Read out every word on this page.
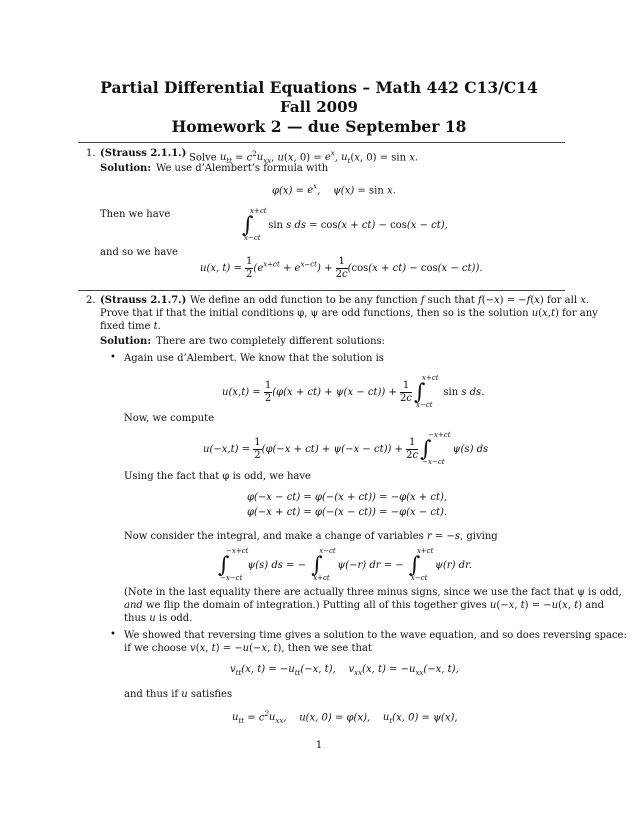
Partial Differential Equations – Math 442 C13/C14
Fall 2009
Homework 2 — due September 18
1. (Strauss 2.1.1.) Solve $u_{tt} = c^2u_{xx}$, u(x, $0) = e^x$, $u_t(x$, 0) = sin x.
Solution: We use d’Alembert’s formula with
$\varphi(x) = e^x$,    ψ(x) = sin x.
Then we have	∫
x+ct
x−ct
sin s ds = cos(x + ct) − cos(x − ct),
and so we have
u(x, $t) = \frac{1}{2} (e^{x+ct} + e^{x-ct}) + \frac{1}{2c} (\cos(x + ct) - \cos(x - ct))$.
2. (Strauss 2.1.7.) We define an odd function to be any function f such that f(−x) = −f(x) for all x.
Prove that if that the initial conditions φ, ψ are odd functions, then so is the solution u(x,t) for any
fixed time t.
Solution: There are two completely different solutions:
• Again use d’Alembert. We know that the solution is
$u(x,t) = \frac{1}{2} (\varphi(x + ct) + \psi(x - ct)) + \frac{1}{2c}$ ∫
x+ct
x−ct
sin s ds.
Now, we compute
$u(-x,t) = \frac{1}{2} (\varphi(-x + ct) + \psi(-x - ct)) + \frac{1}{2c}$ ∫
−x+ct
−x−ct
ψ(s) ds
Using the fact that φ is odd, we have
φ(−x − ct) = φ(−(x + ct)) = −φ(x + ct),
φ(−x + ct) = φ(−(x − ct)) = −φ(x − ct).
Now consider the integral, and make a change of variables r = −s, giving
∫
−x+ct
−x−ct
ψ(s) ds = − ∫
x−ct
x+ct
ψ(−r) dr = − ∫
x+ct
x−ct
ψ(r) dr.
(Note in the last equality there are actually three minus signs, since we use the fact that ψ is odd,
and we flip the domain of integration.) Putting all of this together gives u(−x, t) = −u(x, t) and
thus u is odd.
• We showed that reversing time gives a solution to the wave equation, and so does reversing space:
if we choose v(x, t) = −u(−x, t), then we see that
$v_{tt}(x$, $t) = -u_{tt}(-x$, t),    $v_{xx}(x$, $t) = -u_{xx}(-x$, t),
and thus if u satisfies
$u_{tt} = c^2u_{xx}$,    u(x, 0) = φ(x),    $u_t(x$, 0) = ψ(x),
1
